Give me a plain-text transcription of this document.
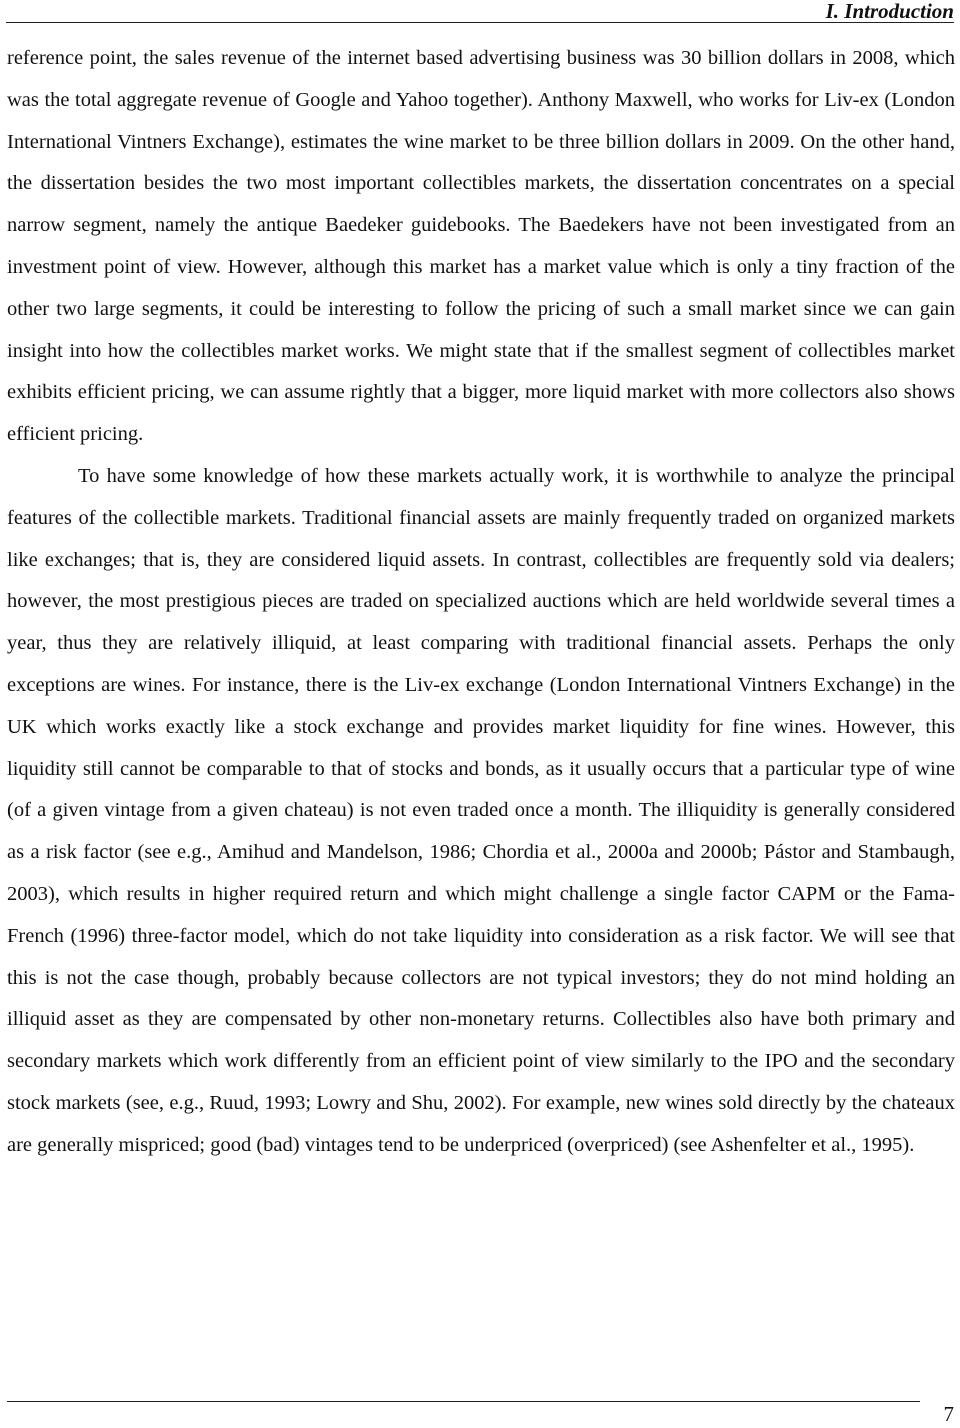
I. Introduction

reference point, the sales revenue of the internet based advertising business was 30 billion dollars in 2008, which was the total aggregate revenue of Google and Yahoo together). Anthony Maxwell, who works for Liv-ex (London International Vintners Exchange), estimates the wine market to be three billion dollars in 2009. On the other hand, the dissertation besides the two most important collectibles markets, the dissertation concentrates on a special narrow segment, namely the antique Baedeker guidebooks. The Baedekers have not been investigated from an investment point of view. However, although this market has a market value which is only a tiny fraction of the other two large segments, it could be interesting to follow the pricing of such a small market since we can gain insight into how the collectibles market works. We might state that if the smallest segment of collectibles market exhibits efficient pricing, we can assume rightly that a bigger, more liquid market with more collectors also shows efficient pricing.

To have some knowledge of how these markets actually work, it is worthwhile to analyze the principal features of the collectible markets. Traditional financial assets are mainly frequently traded on organized markets like exchanges; that is, they are considered liquid assets. In contrast, collectibles are frequently sold via dealers; however, the most prestigious pieces are traded on specialized auctions which are held worldwide several times a year, thus they are relatively illiquid, at least comparing with traditional financial assets. Perhaps the only exceptions are wines. For instance, there is the Liv-ex exchange (London International Vintners Exchange) in the UK which works exactly like a stock exchange and provides market liquidity for fine wines. However, this liquidity still cannot be comparable to that of stocks and bonds, as it usually occurs that a particular type of wine (of a given vintage from a given chateau) is not even traded once a month. The illiquidity is generally considered as a risk factor (see e.g., Amihud and Mandelson, 1986; Chordia et al., 2000a and 2000b; Pástor and Stambaugh, 2003), which results in higher required return and which might challenge a single factor CAPM or the Fama-French (1996) three-factor model, which do not take liquidity into consideration as a risk factor. We will see that this is not the case though, probably because collectors are not typical investors; they do not mind holding an illiquid asset as they are compensated by other non-monetary returns. Collectibles also have both primary and secondary markets which work differently from an efficient point of view similarly to the IPO and the secondary stock markets (see, e.g., Ruud, 1993; Lowry and Shu, 2002). For example, new wines sold directly by the chateaux are generally mispriced; good (bad) vintages tend to be underpriced (overpriced) (see Ashenfelter et al., 1995).

7
